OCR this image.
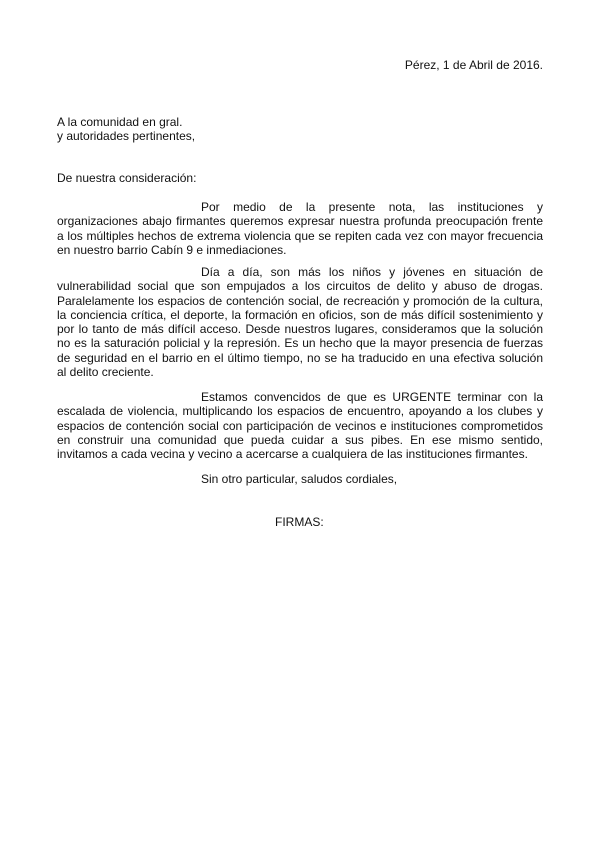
Pérez, 1 de Abril de 2016.
A la comunidad en gral.
y autoridades pertinentes,
De nuestra consideración:

Por medio de la presente nota, las instituciones y organizaciones abajo firmantes queremos expresar nuestra profunda preocupación frente a los múltiples hechos de extrema violencia que se repiten cada vez con mayor frecuencia en nuestro barrio Cabín 9 e inmediaciones.

Día a día, son más los niños y jóvenes en situación de vulnerabilidad social que son empujados a los circuitos de delito y abuso de drogas. Paralelamente los espacios de contención social, de recreación y promoción de la cultura, la conciencia crítica, el deporte, la formación en oficios, son de más difícil sostenimiento y por lo tanto de más difícil acceso. Desde nuestros lugares, consideramos que la solución no es la saturación policial y la represión. Es un hecho que la mayor presencia de fuerzas de seguridad en el barrio en el último tiempo, no se ha traducido en una efectiva solución al delito creciente.

Estamos convencidos de que es URGENTE terminar con la escalada de violencia, multiplicando los espacios de encuentro, apoyando a los clubes y espacios de contención social con participación de vecinos e instituciones comprometidos en construir una comunidad que pueda cuidar a sus pibes. En ese mismo sentido, invitamos a cada vecina y vecino a acercarse a cualquiera de las instituciones firmantes.

Sin otro particular, saludos cordiales,
FIRMAS:
